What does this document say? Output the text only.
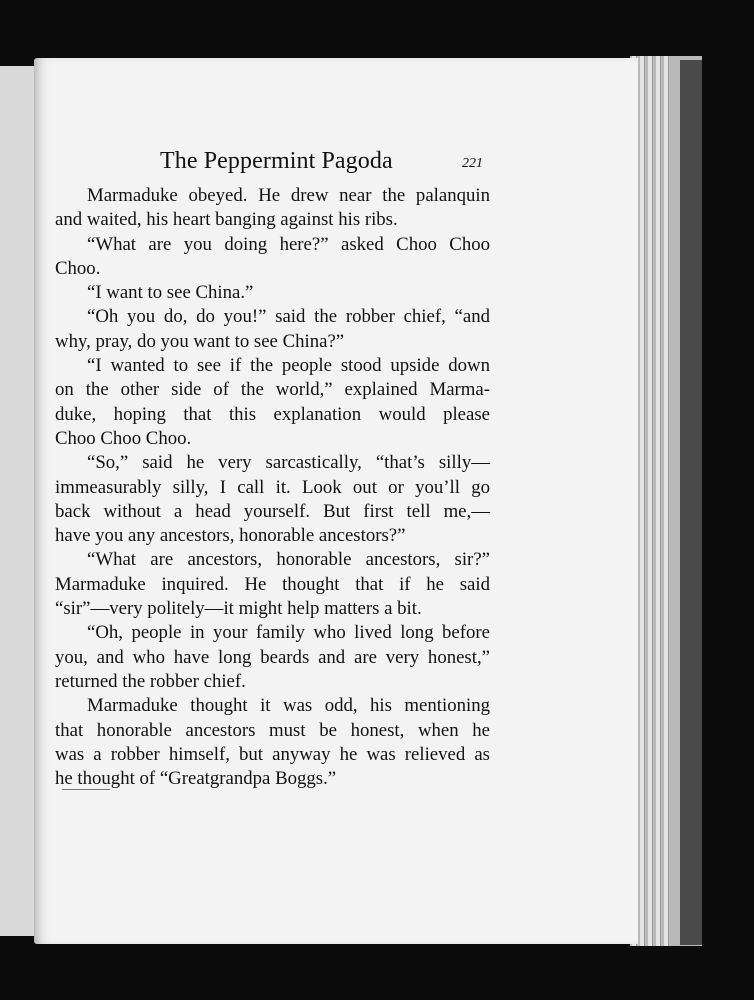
The Peppermint Pagoda	221
Marmaduke obeyed. He drew near the palanquin
and waited, his heart banging against his ribs.
“What are you doing here?” asked Choo Choo
Choo.
“I want to see China.”
“Oh you do, do you!” said the robber chief, “and
why, pray, do you want to see China?”
“I wanted to see if the people stood upside down
on the other side of the world,” explained Marma-
duke, hoping that this explanation would please
Choo Choo Choo.
“So,” said he very sarcastically, “that’s silly—
immeasurably silly, I call it. Look out or you’ll go
back without a head yourself. But first tell me,—
have you any ancestors, honorable ancestors?”
“What are ancestors, honorable ancestors, sir?”
Marmaduke inquired. He thought that if he said
“sir”—very politely—it might help matters a bit.
“Oh, people in your family who lived long before
you, and who have long beards and are very honest,”
returned the robber chief.
Marmaduke thought it was odd, his mentioning
that honorable ancestors must be honest, when he
was a robber himself, but anyway he was relieved as
he thought of “Greatgrandpa Boggs.”
